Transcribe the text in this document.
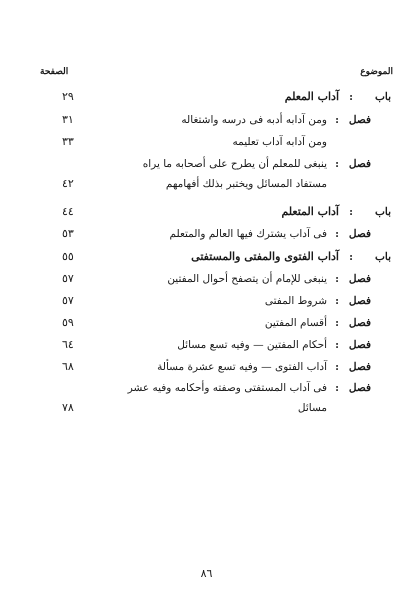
الموضوع
الصفحة
باب
:
آداب المعلم
٢٩
فصل
:
ومن آدابه أدبه فى درسه واشتغاله
٣١
ومن آدابه آداب تعليمه
٣٣
فصل
:
ينبغى للمعلم أن يطرح على أصحابه ما يراه
مستفاد المسائل ويختبر بذلك أفهامهم
٤٢
باب
:
آداب المتعلم
٤٤
فصل
:
فى آداب يشترك فيها العالم والمتعلم
٥٣
باب
:
آداب الفتوى والمفتى والمستفتى
٥٥
فصل
:
ينبغى للإمام أن يتصفح أحوال المفتين
٥٧
فصل
:
شروط المفتى
٥٧
فصل
:
أقسام المفتين
٥٩
فصل
:
أحكام المفتين — وفيه تسع مسائل
٦٤
فصل
:
آداب الفتوى — وفيه تسع عشرة مسألة
٦٨
فصل
:
فى آداب المستفتى وصفته وأحكامه وفيه عشر
مسائل
٧٨
٨٦
